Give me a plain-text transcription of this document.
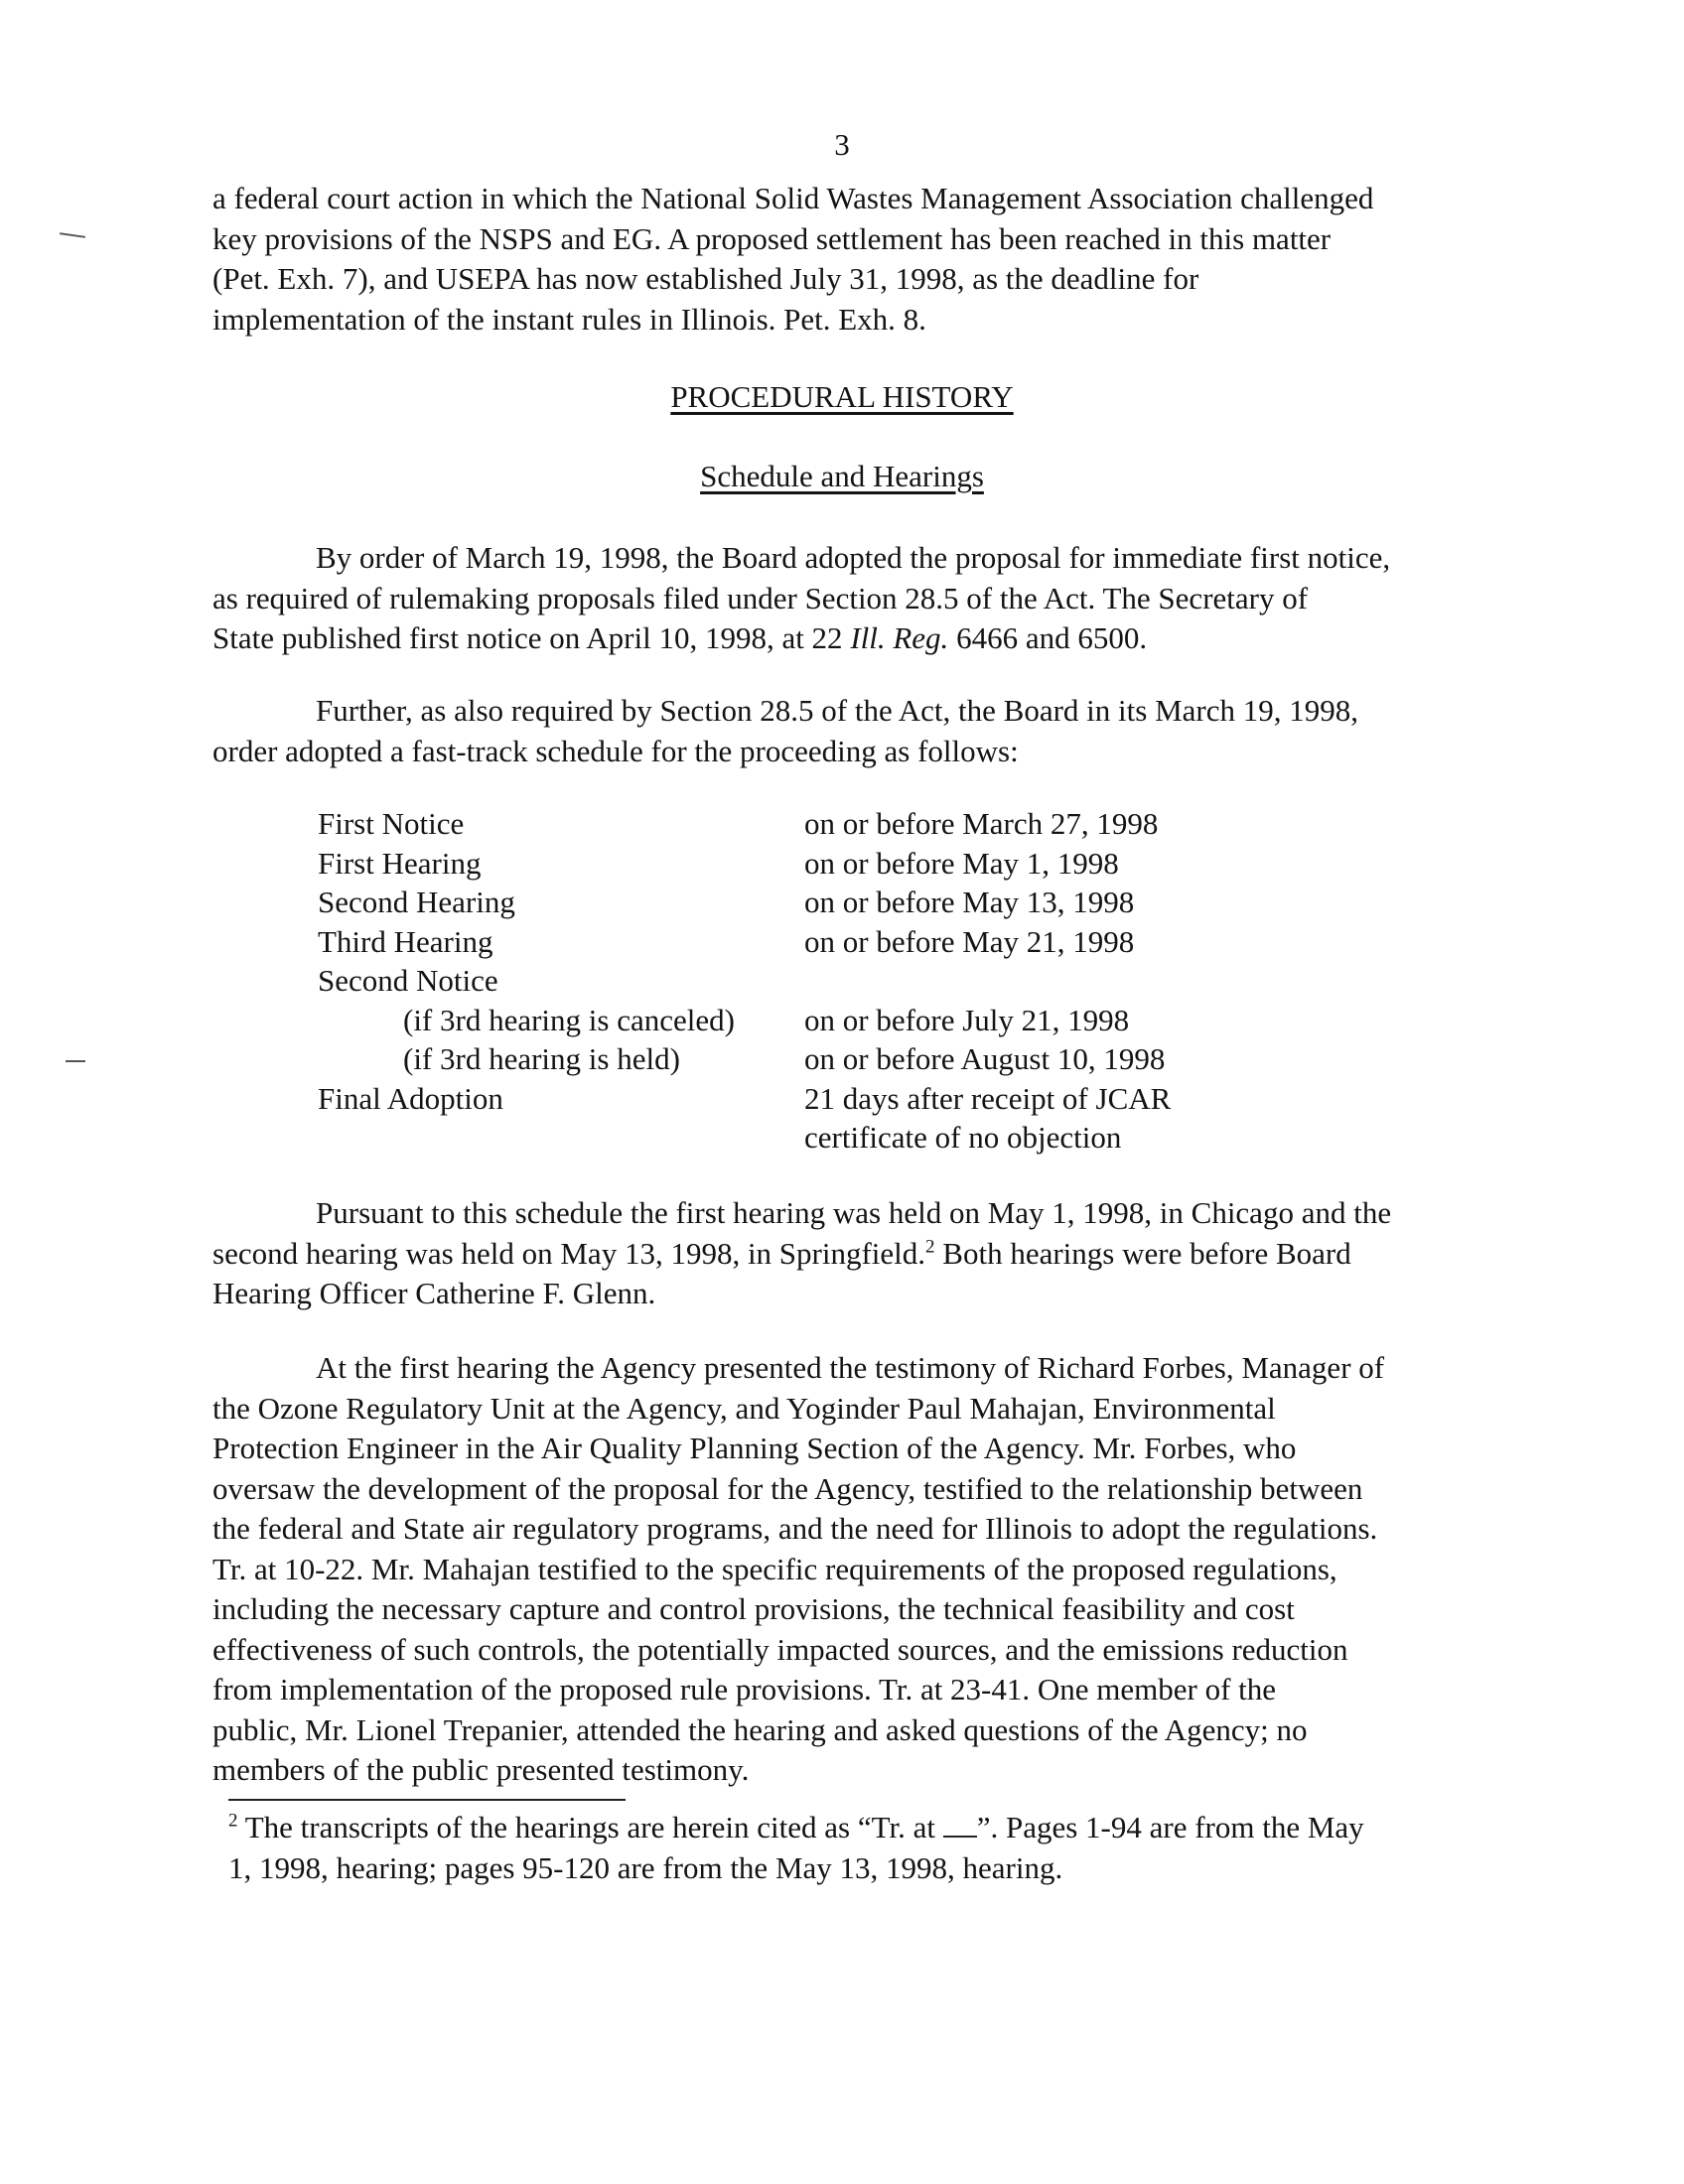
3
a federal court action in which the National Solid Wastes Management Association challenged
key provisions of the NSPS and EG. A proposed settlement has been reached in this matter
(Pet. Exh. 7), and USEPA has now established July 31, 1998, as the deadline for
implementation of the instant rules in Illinois. Pet. Exh. 8.
PROCEDURAL HISTORY
Schedule and Hearings
By order of March 19, 1998, the Board adopted the proposal for immediate first notice,
as required of rulemaking proposals filed under Section 28.5 of the Act. The Secretary of
State published first notice on April 10, 1998, at 22 Ill. Reg. 6466 and 6500.
Further, as also required by Section 28.5 of the Act, the Board in its March 19, 1998,
order adopted a fast-track schedule for the proceeding as follows:
First Notice	on or before March 27, 1998
First Hearing	on or before May 1, 1998
Second Hearing	on or before May 13, 1998
Third Hearing	on or before May 21, 1998
Second Notice
(if 3rd hearing is canceled)	on or before July 21, 1998
(if 3rd hearing is held)	on or before August 10, 1998
Final Adoption	21 days after receipt of JCAR
certificate of no objection
Pursuant to this schedule the first hearing was held on May 1, 1998, in Chicago and the
second hearing was held on May 13, 1998, in Springfield.$^2$ Both hearings were before Board
Hearing Officer Catherine F. Glenn.
At the first hearing the Agency presented the testimony of Richard Forbes, Manager of
the Ozone Regulatory Unit at the Agency, and Yoginder Paul Mahajan, Environmental
Protection Engineer in the Air Quality Planning Section of the Agency. Mr. Forbes, who
oversaw the development of the proposal for the Agency, testified to the relationship between
the federal and State air regulatory programs, and the need for Illinois to adopt the regulations.
Tr. at 10-22. Mr. Mahajan testified to the specific requirements of the proposed regulations,
including the necessary capture and control provisions, the technical feasibility and cost
effectiveness of such controls, the potentially impacted sources, and the emissions reduction
from implementation of the proposed rule provisions. Tr. at 23-41. One member of the
public, Mr. Lionel Trepanier, attended the hearing and asked questions of the Agency; no
members of the public presented testimony.
$^2$ The transcripts of the hearings are herein cited as “Tr. at ”. Pages 1-94 are from the May
1, 1998, hearing; pages 95-120 are from the May 13, 1998, hearing.
